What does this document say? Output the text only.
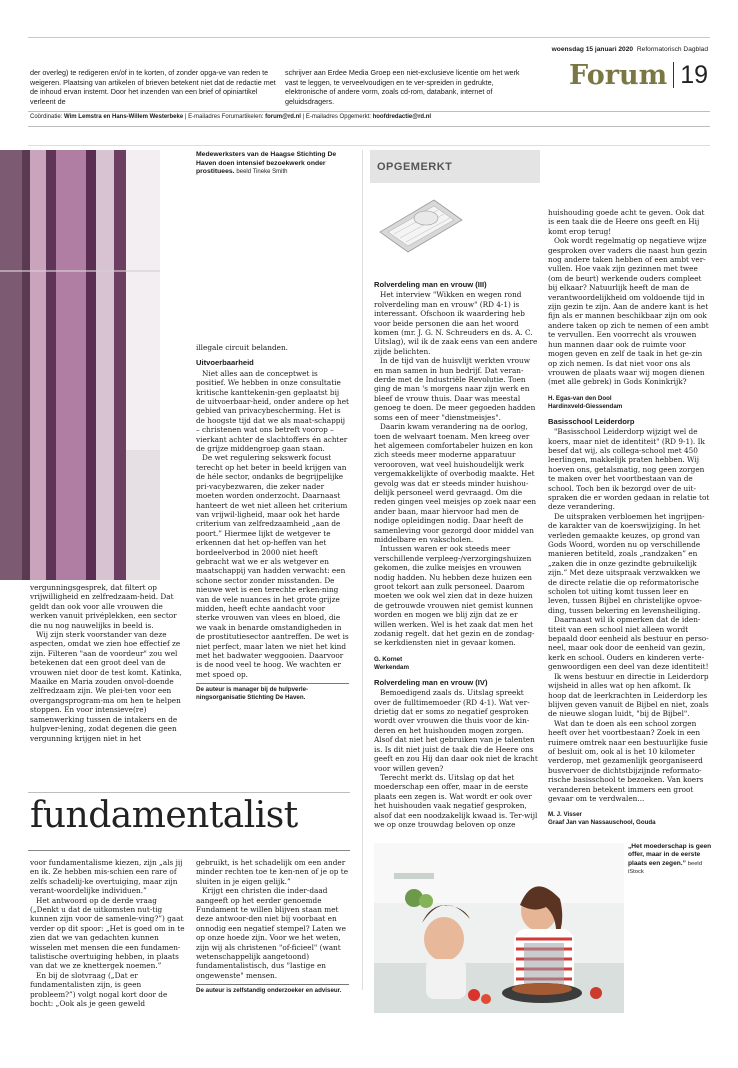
woensdag 15 januari 2020 Reformatorisch Dagblad
Forum 19
der overleg) te redigeren en/of in te korten, of zonder opga-ve van reden te weigeren. Plaatsing van artikelen of brieven betekent niet dat de redactie met de inhoud ervan instemt. Door het inzenden van een brief of opiniartikel verleent de
schrijver aan Erdee Media Groep een niet-exclusieve licentie om het werk vast te leggen, te verveelvoudigen en te ver-spreiden in gedrukte, elektronische of andere vorm, zoals cd-rom, databank, internet of geluidsdragers.
Coördinatie: Wim Lemstra en Hans-Willem Westerbeke | E-mailadres Forumartikelen: forum@rd.nl | E-mailadres Opgemerkt: hoofdredactie@rd.nl
Medewerksters van de Haagse Stichting De Haven doen intensief bezoekwerk onder prostituees. beeld Tineke Smith

vergunningsgesprek, dat filtert op vrijwilligheid en zelfredzaam-heid. Dat geldt dan ook voor alle vrouwen die werken vanuit privéplekken, een sector die nu nog nauwelijks in beeld is.

Wij zijn sterk voorstander van deze aspecten, omdat we zien hoe effectief ze zijn. Filteren "aan de voordeur" zou wel betekenen dat een groot deel van de vrouwen niet door de test komt. Katinka, Maaike en Maria zouden onvol-doende zelfredzaam zijn. We plei-ten voor een overgangsprogram-ma om hen te helpen stoppen. En voor intensieve(re) samenwerking tussen de intakers en de hulpver-lening, zodat degenen die geen vergunning krijgen niet in het

illegale circuit belanden.

Uitvoerbaarheid

Niet alles aan de conceptwet is positief. We hebben in onze consultatie kritische kanttekenin-gen geplaatst bij de uitvoerbaar-heid, onder andere op het gebied van privacybescherming. Het is de hoogste tijd dat we als maat-schappij – christenen wat ons betreft voorop – vierkant achter de slachtoffers én achter de grijze middengroep gaan staan.

De wet regulering sekswerk focust terecht op het beter in beeld krijgen van de héle sector, ondanks de begrijpelijke pri-vacybezwaren, die zeker nader moeten worden onderzocht. Daarnaast hanteert de wet niet alleen het criterium van vrijwil-ligheid, maar ook het harde criterium van zelfredzaamheid „aan de poort.” Hiermee lijkt de wetgever te erkennen dat het op-heffen van het bordeelverbod in 2000 niet heeft gebracht wat we er als wetgever en maatschappij van hadden verwacht: een schone sector zonder misstanden. De nieuwe wet is een terechte erken-ning van de vele nuances in het grote grijze midden, heeft echte aandacht voor sterke vrouwen van vlees en bloed, die we vaak in benarde omstandigheden in de prostitutiesector aantreffen. De wet is niet perfect, maar laten we niet het kind met het badwater weggooien. Daarvoor is de nood veel te hoog. We wachten er met spoed op.

De auteur is manager bij de hulpverle-ningsorganisatie Stichting De Haven.
fundamentalist

voor fundamentalisme kiezen, zijn „als jij en ik. Ze hebben mis-schien een rare of zelfs schadelij-ke overtuiging, maar zijn verant-woordelijke individuen.”

Het antwoord op de derde vraag („Denkt u dat de uitkomsten nut-tig kunnen zijn voor de samenle-ving?”) gaat verder op dit spoor: „Het is goed om in te zien dat we van gedachten kunnen wisselen met mensen die een fundamen-talistische overtuiging hebben, in plaats van dat we ze knettergek noemen.”

En bij de slotvraag („Dat er fundamentalisten zijn, is geen probleem?”) volgt nogal kort door de bocht: „Ook als je geen geweld

gebruikt, is het schadelijk om een ander minder rechten toe te ken-nen of je op te sluiten in je eigen gelijk.”

Krijgt een christen die inder-daad aangeeft op het eerder genoemde Fundament te willen blijven staan met deze antwoor-den niet bij voorbaat en onnodig een negatief stempel? Laten we op onze hoede zijn. Voor we het weten, zijn wij als christenen "of-ficieel" (want wetenschappelijk aangetoond) fundamentalistisch, dus "lastige en ongewenste" mensen.

De auteur is zelfstandig onderzoeker en adviseur.
OPGEMERKT
Rolverdeling man en vrouw (III)

Het interview "Wikken en wegen rond rolverdeling man en vrouw" (RD 4-1) is interessant. Ofschoon ik waardering heb voor beide personen die aan het woord komen (mr. J. G. N. Schreuders en ds. A. C. Uitslag), wil ik de zaak eens van een andere zijde belichten.

In de tijd van de huisvlijt werkten vrouw en man samen in hun bedrijf. Dat veran-derde met de Industriële Revolutie. Toen ging de man 's morgens naar zijn werk en bleef de vrouw thuis. Daar was meestal genoeg te doen. De meer gegoeden hadden soms een of meer "dienstmeisjes".

Daarin kwam verandering na de oorlog, toen de welvaart toenam. Men kreeg over het algemeen comfortabeler huizen en kon zich steeds meer moderne apparatuur verooroven, wat veel huishoudelijk werk vergemakkelijkte of overbodig maakte. Het gevolg was dat er steeds minder huishou-delijk personeel werd gevraagd. Om die reden gingen veel meisjes op zoek naar een ander baan, maar hiervoor had men de nodige opleidingen nodig. Daar heeft de samenleving voor gezorgd door middel van middelbare en vakscholen.

Intussen waren er ook steeds meer verschillende verpleeg-/verzorgingshuizen gekomen, die zulke meisjes en vrouwen nodig hadden. Nu hebben deze huizen een groot tekort aan zulk personeel. Daarom moeten we ook wel zien dat in deze huizen de getrouwde vrouwen niet gemist kunnen worden en mogen we blij zijn dat ze er willen werken. Wel is het zaak dat men het zodanig regelt. dat het gezin en de zondag-se kerkdiensten niet in gevaar komen.

G. Kornet
Werkendam
Rolverdeling man en vrouw (IV)

Bemoedigend zaals ds. Uitslag spreekt over de fulltimemoeder (RD 4-1). Wat ver-drietig dat er soms zo negatief gesproken wordt over vrouwen die thuis voor de kin-deren en het huishouden mogen zorgen. Alsof dat niet het gebruiken van je talenten is. Is dit niet juist de taak die de Heere ons geeft en zou Hij dan daar ook niet de kracht voor willen geven?

Terecht merkt ds. Uitslag op dat het moederschap een offer, maar in de eerste plaats een zegen is. Wat wordt er ook over het huishouden vaak negatief gesproken, alsof dat een noodzakelijk kwaad is. Ter-wijl we op onze trouwdag beloven op onze

huishouding goede acht te geven. Ook dat is een taak die de Heere ons geeft en Hij komt erop terug!

Ook wordt regelmatig op negatieve wijze gesproken over vaders die naast hun gezin nog andere taken hebben of een ambt ver-vullen. Hoe vaak zijn gezinnen met twee (om de beurt) werkende ouders compleet bij elkaar? Natuurlijk heeft de man de verantwoordelijkheid om voldoende tijd in zijn gezin te zijn. Aan de andere kant is het fijn als er mannen beschikbaar zijn om ook andere taken op zich te nemen of een ambt te vervullen. Een voorrecht als vrouwen hun mannen daar ook de ruimte voor mogen geven en zelf de taak in het ge-zin op zich nemen. Is dat niet voor ons als vrouwen de plaats waar wij mogen dienen (met alle gebrek) in Gods Koninkrijk?

H. Egas-van den Dool
Hardinxveld-Giessendam
Basisschool Leiderdorp

"Basisschool Leiderdorp wijzigt wel de koers, maar niet de identiteit" (RD 9-1). Ik besef dat wij, als collega-school met 450 leerlingen, makkelijk praten hebben. Wij hoeven ons, getalsmatig, nog geen zorgen te maken over het voortbestaan van de school. Toch ben ik bezorgd over de uit-spraken die er worden gedaan in relatie tot deze verandering.

De uitspraken verbloemen het ingrijpen-de karakter van de koerswijziging. In het verleden gemaakte keuzes, op grond van Gods Woord, worden nu op verschillende manieren betiteld, zoals „randzaken” en „zaken die in onze gezindte gebruikelijk zijn.” Met deze uitspraak verzwakken we de directe relatie die op reformatorische scholen tot uiting komt tussen leer en leven, tussen Bijbel en christelijke opvoe-ding, tussen bekering en levensheiliging.

Daarnaast wil ik opmerken dat de iden-titeit van een school niet alleen wordt bepaald door eenheid als bestuur en perso-neel, maar ook door de eenheid van gezin, kerk en school. Ouders en kinderen verte-genwoordigen een deel van deze identiteit!

Ik wens bestuur en directie in Leiderdorp wijsheid in alles wat op hen afkomt. Ik hoop dat de leerkrachten in Leiderdorp les blijven geven vanuit de Bijbel en niet, zoals de nieuwe slogan luidt, "bij de Bijbel".

Wat dan te doen als een school zorgen heeft over het voortbestaan? Zoek in een ruimere omtrek naar een bestuurlijke fusie of besluit om, ook al is het 10 kilometer verderop, met gezamenlijk georganiseerd busvervoer de dichtstbijzijnde reformato-rische basisschool te bezoeken. Van koers veranderen betekent immers een groot gevaar om te verdwalen...

M. J. Visser
Graaf Jan van Nassauschool, Gouda
„Het moederschap is geen offer, maar in de eerste plaats een zegen.” beeld iStock
